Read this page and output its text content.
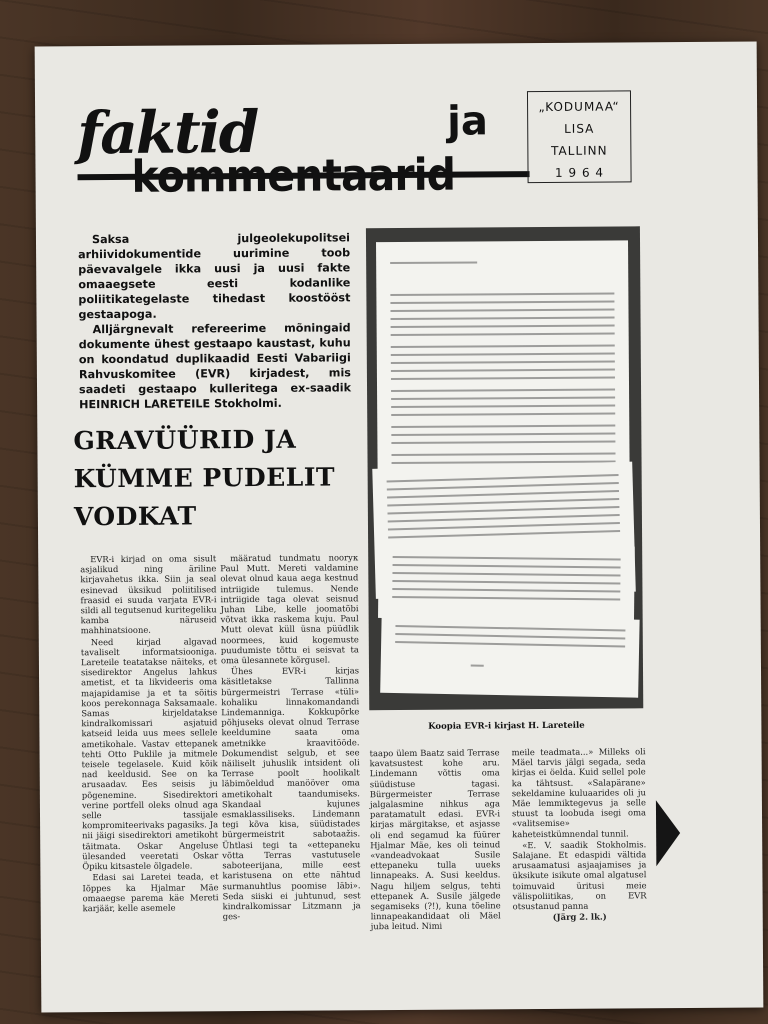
faktid	ja
kommentaarid
„KODUMAA“
LISA
TALLINN
1 9 6 4

Saksa julgeolekupolitsei arhiividokumentide uurimine toob päevavalgele ikka uusi ja uusi fakte omaaegsete eesti kodanlike poliitikategelaste tihedast koostööst gestaapoga.

Alljärgnevalt refereerime mõningaid dokumente ühest gestaapo kaustast, kuhu on koondatud duplikaadid Eesti Vabariigi Rahvuskomitee (EVR) kirjadest, mis saadeti gestaapo kulleritega ex-saadik HEINRICH LARETEILE Stokholmi.

GRAVÜÜRID JA
KÜMME PUDELIT
VODKAT
Koopia EVR-i kirjast H. Lareteile

EVR-i kirjad on oma sisult asjalikud ning äriline kirjavahetus ikka. Siin ja seal esinevad üksikud poliitilised fraasid ei suuda varjata EVR-i sildi all tegutsenud kuritegeliku kamba näruseid mahhinatsioone.

Need kirjad algavad tavaliselt informatsiooniga. Lareteile teatatakse näiteks, et sisedirektor Angelus lahkus ametist, et ta likvideeris oma majapidamise ja et ta sõitis koos perekonnaga Saksamaale. Samas kirjeldatakse kindralkomissari asjatuid katseid leida uus mees sellele ametikohale. Vastav ettepanek tehti Otto Puklile ja mitmele teisele tegelasele. Kuid kõik nad keeldusid. See on ka arusaadav. Ees seisis ju põgenemine. Sisedirektori verine portfell oleks olnud aga selle tassijale kompromiteerivaks pagasiks. Ja nii jäigi sisedirektori ametikoht täitmata. Oskar Angeluse ülesanded veeretati Oskar Öpiku kitsastele õlgadele.

Edasi sai Laretei teada, et Iõppes ka Hjalmar Mäe omaaegse parema käe Mereti karjäär, kelle asemele

määratud tundmatu noorук Paul Mutt. Mereti valdamine olevat olnud kaua aega kestnud intriigide tulemus. Nende intriigide taga olevat seisnud Juhan Libe, kelle joomatõbi võtvat ikka raskema kuju. Paul Mutt olevat küll üsna püüdlik noormees, kuid kogemuste puudumiste tõttu ei seisvat ta oma ülesannete kõrgusel.

Ühes EVR-i kirjas käsitletakse Tallinna bürgermeistri Terrase «tüli» kohaliku linnakomandandi Lindemanniga. Kokkupõrke põhjuseks olevat olnud Terrase keeldumine saata oma ametnikke kraavitööde. Dokumendist selgub, et see näiliselt juhuslik intsident oli Terrase poolt hoolikalt läbimõeldud manööver oma ametikohalt taandumiseks. Skandaal kujunes esmaklassiliseks. Lindemann tegi kõva kisa, süüdistades bürgermeistrit sabotaažis. Ühtlasi tegi ta «ettepaneku võtta Terras vastutusele saboteerijana, mille eest karistusena on ette nähtud surmanuhtlus poomise läbi». Seda siiski ei juhtunud, sest kindralkomissar Litzmann ja ges-

taapo ülem Baatz said Terrase kavatsustest kohe aru. Lindemann võttis oma süüdistuse tagasi. Bürgermeister Terrase jalgalasmine nihkus aga paratamatult edasi. EVR-i kirjas märgitakse, et asjasse oli end segamud ka füürer Hjalmar Mäe, kes oli teinud «vandeadvokaat Susile ettepaneku tulla uueks linnapeaks. A. Susi keeldus. Nagu hiljem selgus, tehti ettepanek A. Susile jälgede segamiseks (?!), kuna tõeline linnapeakandidaat oli Mäel juba leitud. Nimi

meile teadmata...» Milleks oli Mäel tarvis jälgi segada, seda kirjas ei öelda. Kuid sellel pole ka tähtsust. «Salapärane» sekeldamine kuluaarides oli ju Mäe lemmiktegevus ja selle stuust ta loobuda isegi oma «valitsemise» kaheteistkümnendal tunnil.

«E. V. saadik Stokholmis. Salajane. Et edaspidi vältida arusaamatusi asjaajamises ja üksikute isikute omal algatusel toimuvaid üritusi meie välispoliitikas, on EVR otsustanud panna

(Järg 2. lk.)
